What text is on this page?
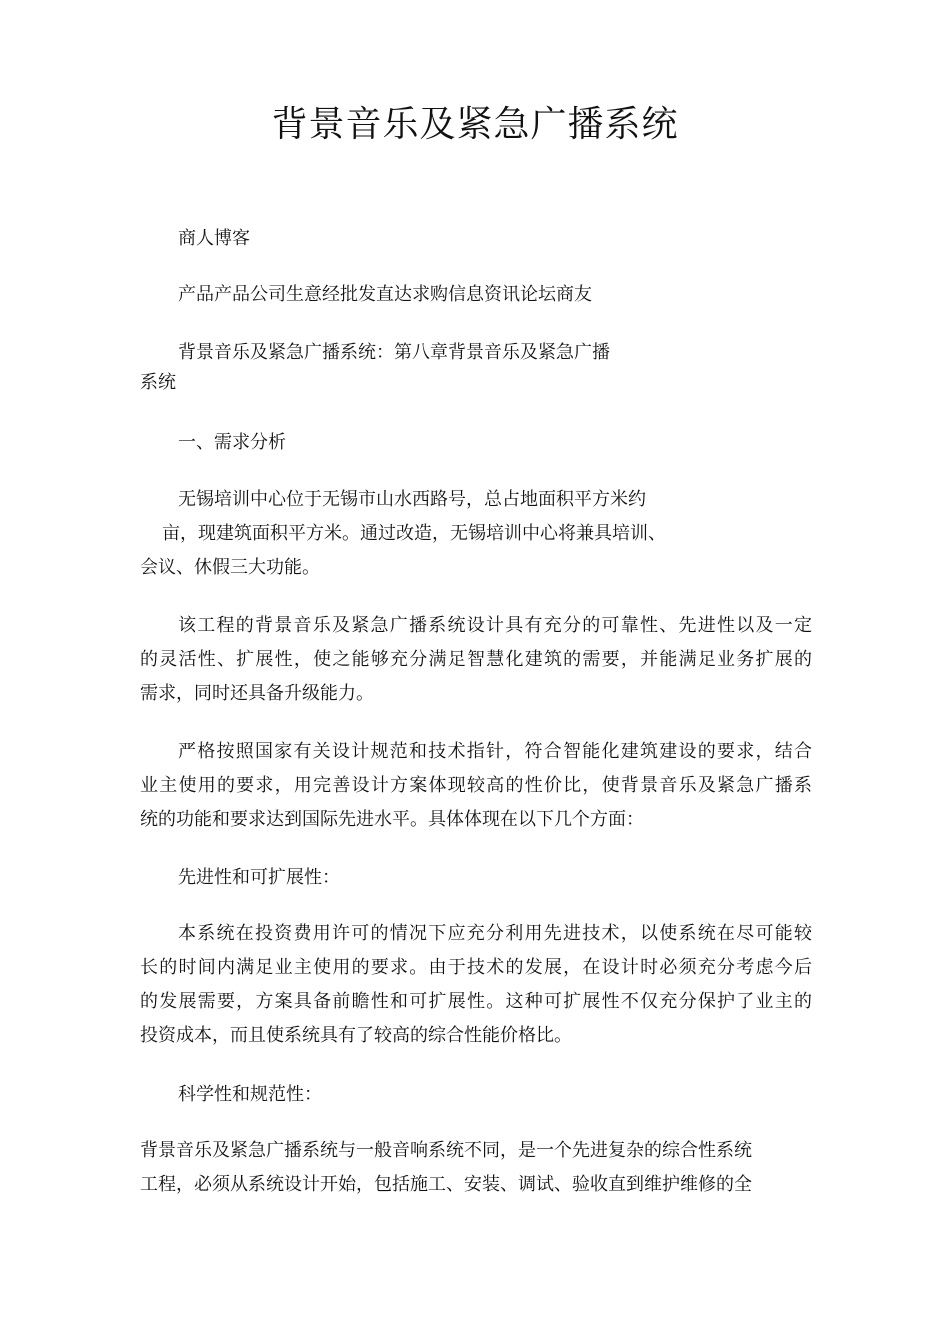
背景音乐及紧急广播系统
商人博客
产品产品公司生意经批发直达求购信息资讯论坛商友
背景音乐及紧急广播系统：第八章背景音乐及紧急广播
系统
一、需求分析
无锡培训中心位于无锡市山水西路号，总占地面积平方米约
亩，现建筑面积平方米。通过改造，无锡培训中心将兼具培训、
会议、休假三大功能。
该工程的背景音乐及紧急广播系统设计具有充分的可靠性、先进性以及一定
的灵活性、扩展性，使之能够充分满足智慧化建筑的需要，并能满足业务扩展的
需求，同时还具备升级能力。
严格按照国家有关设计规范和技术指针，符合智能化建筑建设的要求，结合
业主使用的要求，用完善设计方案体现较高的性价比，使背景音乐及紧急广播系
统的功能和要求达到国际先进水平。具体体现在以下几个方面：
先进性和可扩展性：
本系统在投资费用许可的情况下应充分利用先进技术，以使系统在尽可能较
长的时间内满足业主使用的要求。由于技术的发展，在设计时必须充分考虑今后
的发展需要，方案具备前瞻性和可扩展性。这种可扩展性不仅充分保护了业主的
投资成本，而且使系统具有了较高的综合性能价格比。
科学性和规范性：
背景音乐及紧急广播系统与一般音响系统不同，是一个先进复杂的综合性系统
工程，必须从系统设计开始，包括施工、安装、调试、验收直到维护维修的全
